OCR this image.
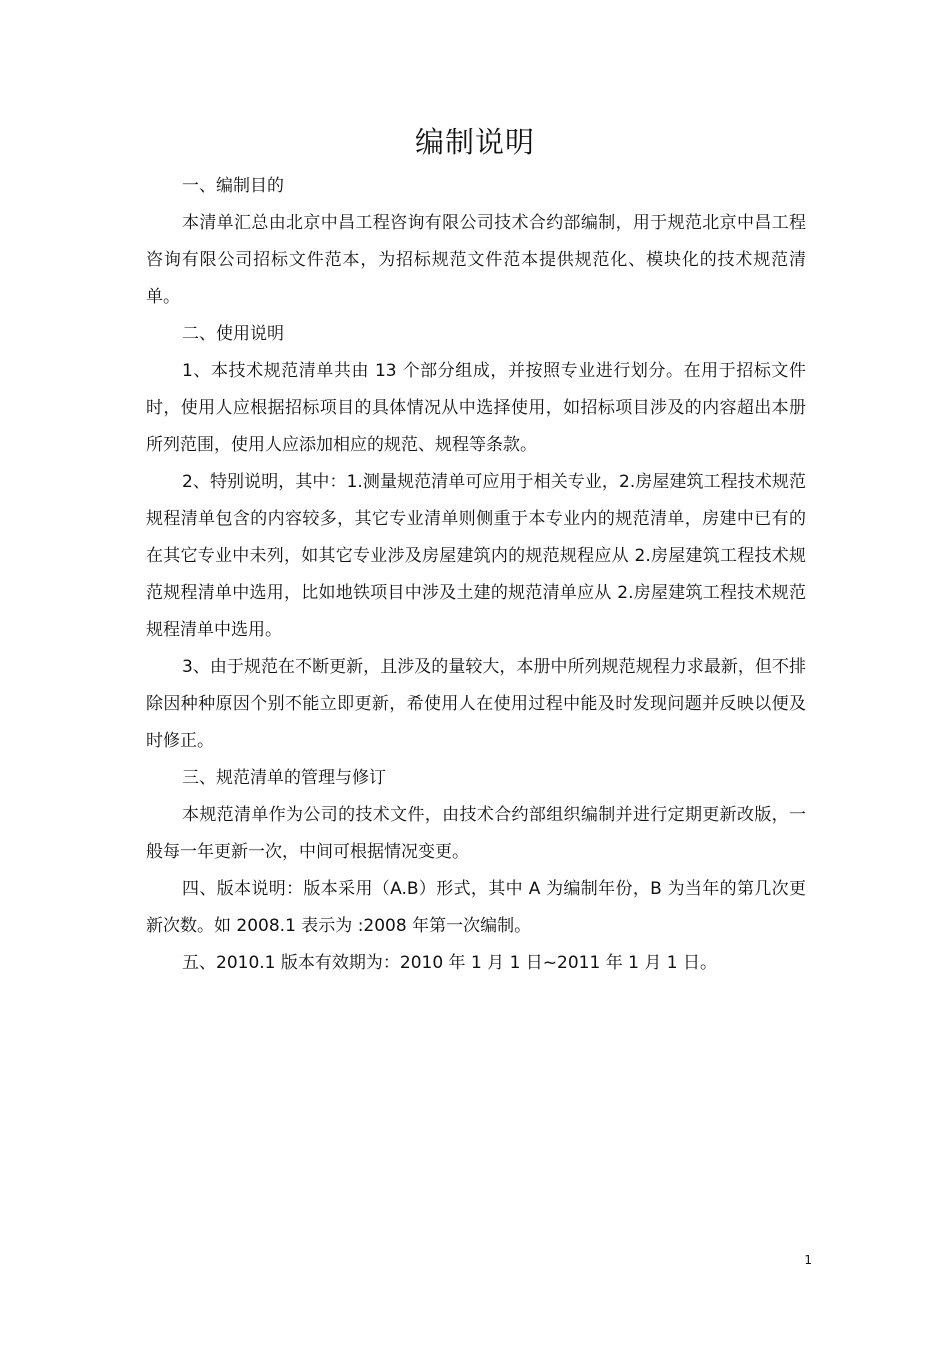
编制说明

一、编制目的

本清单汇总由北京中昌工程咨询有限公司技术合约部编制，用于规范北京中昌工程咨询有限公司招标文件范本，为招标规范文件范本提供规范化、模块化的技术规范清单。

二、使用说明

1、本技术规范清单共由 13 个部分组成，并按照专业进行划分。在用于招标文件时，使用人应根据招标项目的具体情况从中选择使用，如招标项目涉及的内容超出本册所列范围，使用人应添加相应的规范、规程等条款。

2、特别说明，其中：1.测量规范清单可应用于相关专业，2.房屋建筑工程技术规范规程清单包含的内容较多，其它专业清单则侧重于本专业内的规范清单，房建中已有的在其它专业中未列，如其它专业涉及房屋建筑内的规范规程应从 2.房屋建筑工程技术规范规程清单中选用，比如地铁项目中涉及土建的规范清单应从 2.房屋建筑工程技术规范规程清单中选用。

3、由于规范在不断更新，且涉及的量较大，本册中所列规范规程力求最新，但不排除因种种原因个别不能立即更新，希使用人在使用过程中能及时发现问题并反映以便及时修正。

三、规范清单的管理与修订

本规范清单作为公司的技术文件，由技术合约部组织编制并进行定期更新改版，一般每一年更新一次，中间可根据情况变更。

四、版本说明：版本采用（A.B）形式，其中 A 为编制年份，B 为当年的第几次更新次数。如 2008.1 表示为 :2008 年第一次编制。

五、2010.1 版本有效期为：2010 年 1 月 1 日~2011 年 1 月 1 日。

1
